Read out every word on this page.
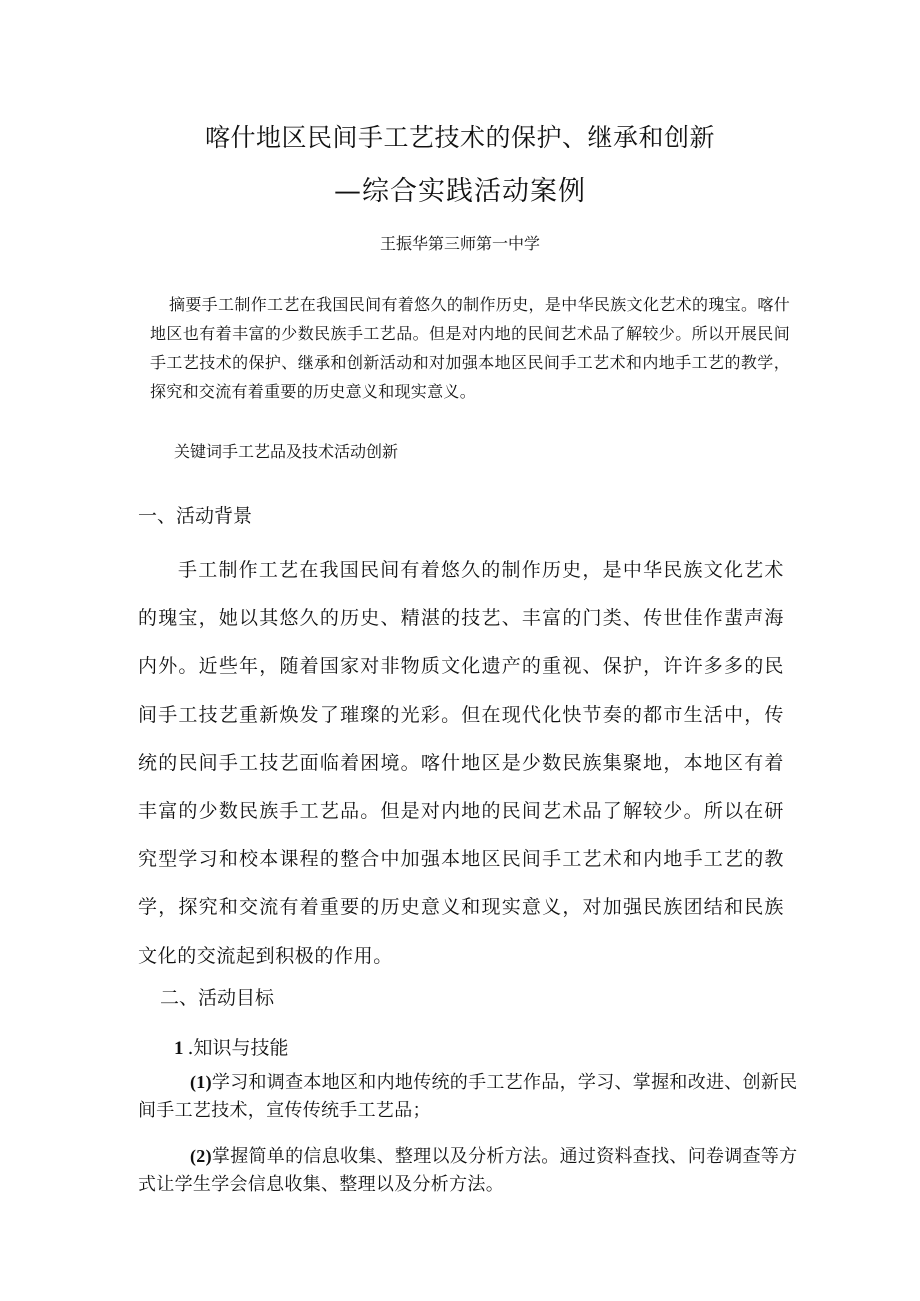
喀什地区民间手工艺技术的保护、继承和创新
—综合实践活动案例
王振华第三师第一中学
摘要手工制作工艺在我国民间有着悠久的制作历史，是中华民族文化艺术的瑰宝。喀什地区也有着丰富的少数民族手工艺品。但是对内地的民间艺术品了解较少。所以开展民间手工艺技术的保护、继承和创新活动和对加强本地区民间手工艺术和内地手工艺的教学，探究和交流有着重要的历史意义和现实意义。
关键词手工艺品及技术活动创新
一、活动背景
手工制作工艺在我国民间有着悠久的制作历史，是中华民族文化艺术的瑰宝，她以其悠久的历史、精湛的技艺、丰富的门类、传世佳作蜚声海内外。近些年，随着国家对非物质文化遗产的重视、保护，许许多多的民间手工技艺重新焕发了璀璨的光彩。但在现代化快节奏的都市生活中，传统的民间手工技艺面临着困境。喀什地区是少数民族集聚地，本地区有着丰富的少数民族手工艺品。但是对内地的民间艺术品了解较少。所以在研究型学习和校本课程的整合中加强本地区民间手工艺术和内地手工艺的教学，探究和交流有着重要的历史意义和现实意义，对加强民族团结和民族文化的交流起到积极的作用。
二、活动目标
1 .知识与技能
(1)学习和调查本地区和内地传统的手工艺作品，学习、掌握和改进、创新民间手工艺技术，宣传传统手工艺品；
(2)掌握简单的信息收集、整理以及分析方法。通过资料查找、问卷调查等方式让学生学会信息收集、整理以及分析方法。
